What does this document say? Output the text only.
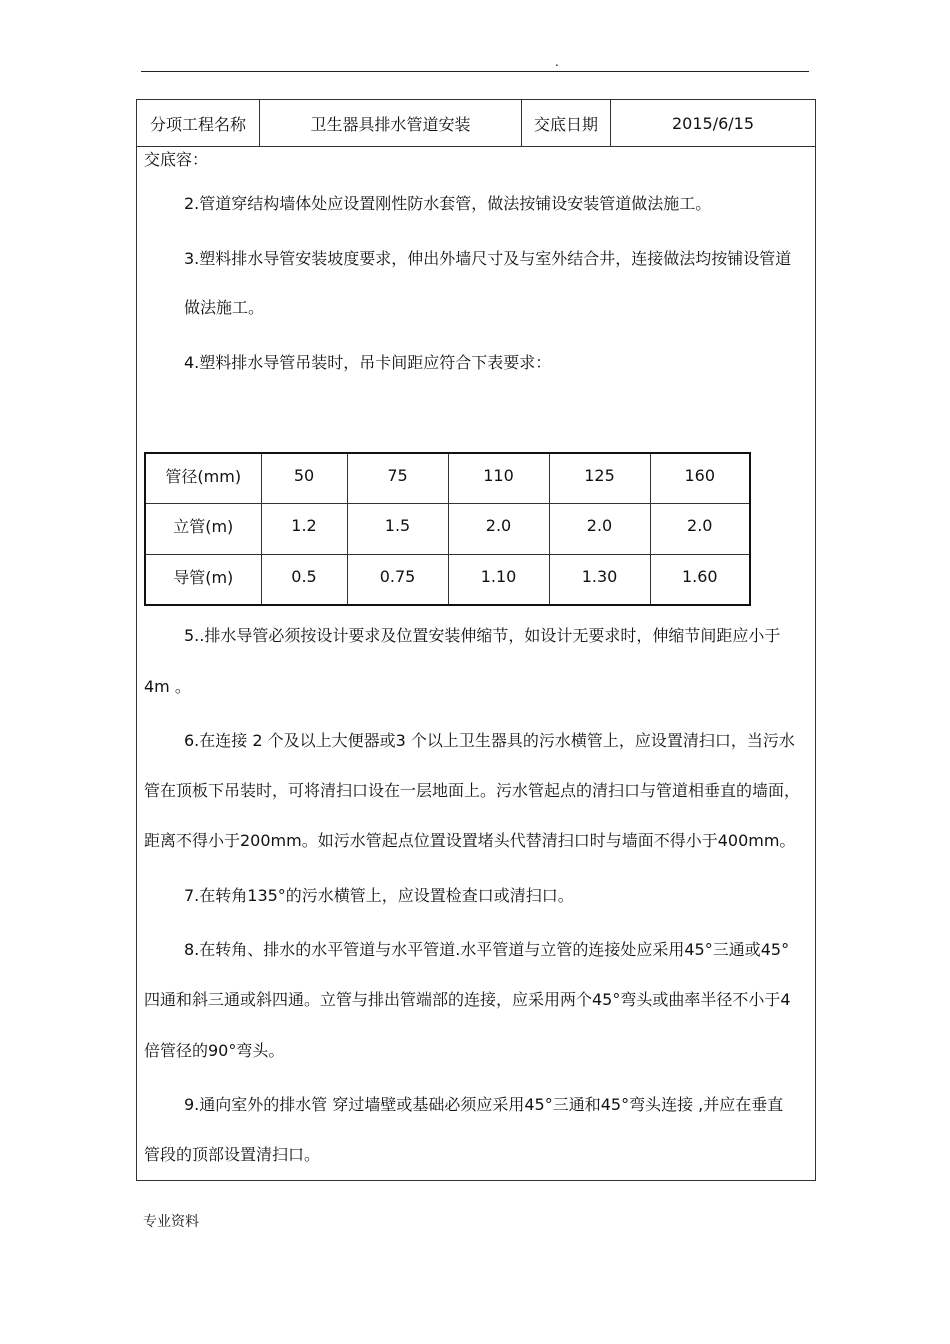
.
分项工程名称	卫生器具排水管道安装	交底日期	2015/6/15
交底容：
2.管道穿结构墙体处应设置刚性防水套管，做法按铺设安装管道做法施工。
3.塑料排水导管安装坡度要求，伸出外墙尺寸及与室外结合井，连接做法均按铺设管道
做法施工。
4.塑料排水导管吊装时，吊卡间距应符合下表要求：
管径(mm)	50	75	110	125	160
立管(m)	1.2	1.5	2.0	2.0	2.0
导管(m)	0.5	0.75	1.10	1.30	1.60
5..排水导管必须按设计要求及位置安装伸缩节，如设计无要求时，伸缩节间距应小于
4m 。
6.在连接 2 个及以上大便器或3 个以上卫生器具的污水横管上，应设置清扫口，当污水
管在顶板下吊装时，可将清扫口设在一层地面上。污水管起点的清扫口与管道相垂直的墙面，
距离不得小于200mm。如污水管起点位置设置堵头代替清扫口时与墙面不得小于400mm。
7.在转角135°的污水横管上，应设置检查口或清扫口。
8.在转角、排水的水平管道与水平管道.水平管道与立管的连接处应采用45°三通或45°
四通和斜三通或斜四通。立管与排出管端部的连接，应采用两个45°弯头或曲率半径不小于4
倍管径的90°弯头。
9.通向室外的排水管 穿过墙壁或基础必须应采用45°三通和45°弯头连接 ,并应在垂直
管段的顶部设置清扫口。
专业资料
